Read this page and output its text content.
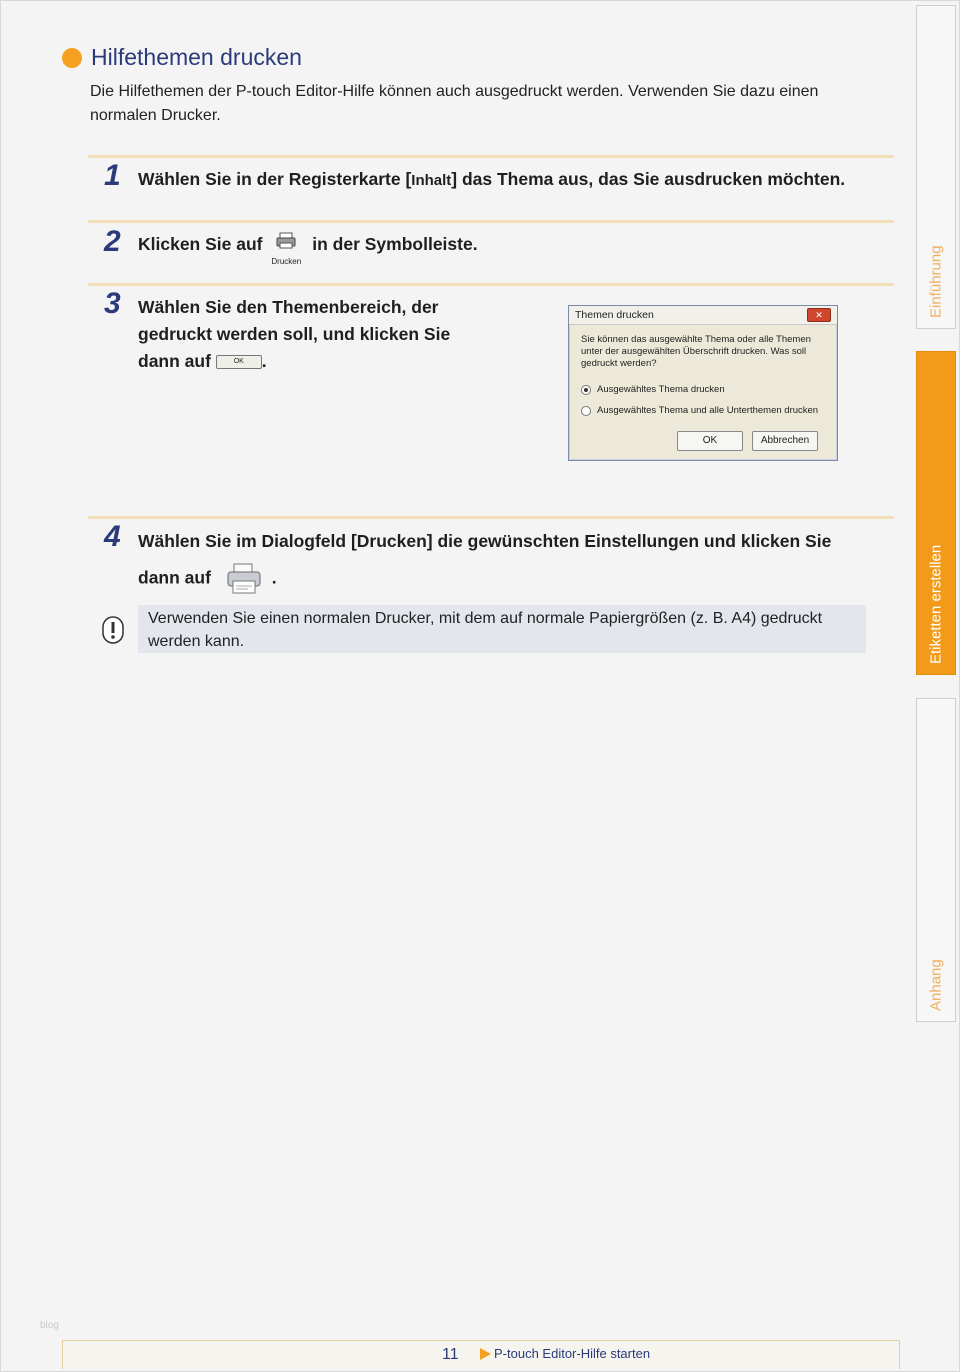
Hilfethemen drucken
Die Hilfethemen der P-touch Editor-Hilfe können auch ausgedruckt werden. Verwenden Sie dazu einen normalen Drucker.
1 Wählen Sie in der Registerkarte [Inhalt] das Thema aus, das Sie ausdrucken möchten.
2 Klicken Sie auf
Drucken
in der Symbolleiste.
3 Wählen Sie den Themenbereich, der
gedruckt werden soll, und klicken Sie
dann auf	OK .
Themen drucken	✕
Sie können das ausgewählte Thema oder alle Themen unter der ausgewählten Überschrift drucken. Was soll gedruckt werden?
Ausgewähltes Thema drucken
Ausgewähltes Thema und alle Unterthemen drucken
OK	Abbrechen
4 Wählen Sie im Dialogfeld [Drucken] die gewünschten Einstellungen und klicken Sie
dann auf	.
Verwenden Sie einen normalen Drucker, mit dem auf normale Papiergrößen (z. B. A4) gedruckt werden kann.
Einführung
Etiketten erstellen
Anhang
blog
11	P-touch Editor-Hilfe starten
